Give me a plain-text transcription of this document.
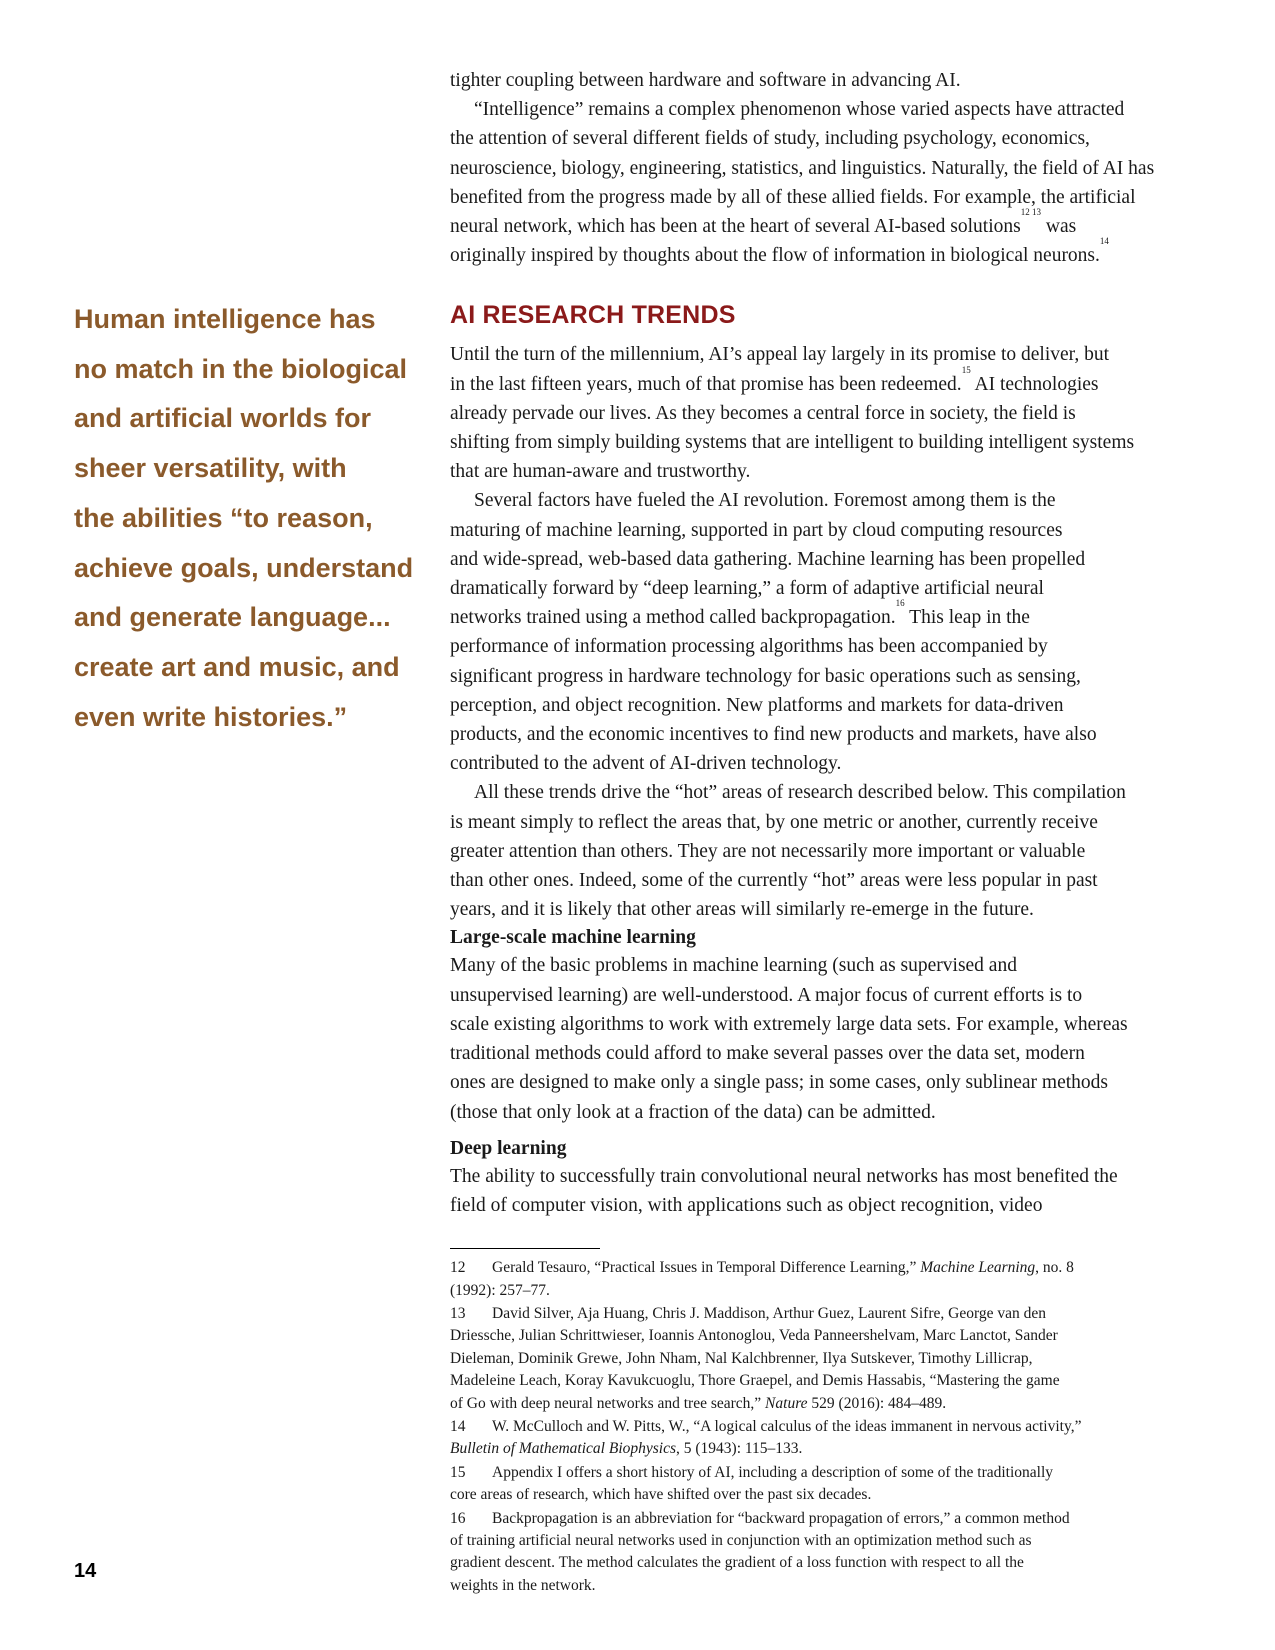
Human intelligence has
no match in the biological
and artificial worlds for
sheer versatility, with
the abilities “to reason,
achieve goals, understand
and generate language...
create art and music, and
even write histories.”
14

tighter coupling between hardware and software in advancing AI.

“Intelligence” remains a complex phenomenon whose varied aspects have attracted
the attention of several different fields of study, including psychology, economics,
neuroscience, biology, engineering, statistics, and linguistics. Naturally, the field of AI has
benefited from the progress made by all of these allied fields. For example, the artificial
neural network, which has been at the heart of several AI-based solutions$^{12 13}$ was
originally inspired by thoughts about the flow of information in biological neurons.$^{14}$

AI RESEARCH TRENDS

Until the turn of the millennium, AI’s appeal lay largely in its promise to deliver, but
in the last fifteen years, much of that promise has been redeemed.$^{15}$ AI technologies
already pervade our lives. As they becomes a central force in society, the field is
shifting from simply building systems that are intelligent to building intelligent systems
that are human-aware and trustworthy.

Several factors have fueled the AI revolution. Foremost among them is the
maturing of machine learning, supported in part by cloud computing resources
and wide-spread, web-based data gathering. Machine learning has been propelled
dramatically forward by “deep learning,” a form of adaptive artificial neural
networks trained using a method called backpropagation.$^{16}$ This leap in the
performance of information processing algorithms has been accompanied by
significant progress in hardware technology for basic operations such as sensing,
perception, and object recognition. New platforms and markets for data-driven
products, and the economic incentives to find new products and markets, have also
contributed to the advent of AI-driven technology.

All these trends drive the “hot” areas of research described below. This compilation
is meant simply to reflect the areas that, by one metric or another, currently receive
greater attention than others. They are not necessarily more important or valuable
than other ones. Indeed, some of the currently “hot” areas were less popular in past
years, and it is likely that other areas will similarly re-emerge in the future.

Large-scale machine learning

Many of the basic problems in machine learning (such as supervised and
unsupervised learning) are well-understood. A major focus of current efforts is to
scale existing algorithms to work with extremely large data sets. For example, whereas
traditional methods could afford to make several passes over the data set, modern
ones are designed to make only a single pass; in some cases, only sublinear methods
(those that only look at a fraction of the data) can be admitted.

Deep learning

The ability to successfully train convolutional neural networks has most benefited the
field of computer vision, with applications such as object recognition, video

12 Gerald Tesauro, “Practical Issues in Temporal Difference Learning,” Machine Learning, no. 8
(1992): 257–77.
13 David Silver, Aja Huang, Chris J. Maddison, Arthur Guez, Laurent Sifre, George van den
Driessche, Julian Schrittwieser, Ioannis Antonoglou, Veda Panneershelvam, Marc Lanctot, Sander
Dieleman, Dominik Grewe, John Nham, Nal Kalchbrenner, Ilya Sutskever, Timothy Lillicrap,
Madeleine Leach, Koray Kavukcuoglu, Thore Graepel, and Demis Hassabis, “Mastering the game
of Go with deep neural networks and tree search,” Nature 529 (2016): 484–489.
14 W. McCulloch and W. Pitts, W., “A logical calculus of the ideas immanent in nervous activity,”
Bulletin of Mathematical Biophysics, 5 (1943): 115–133.
15 Appendix I offers a short history of AI, including a description of some of the traditionally
core areas of research, which have shifted over the past six decades.
16 Backpropagation is an abbreviation for “backward propagation of errors,” a common method
of training artificial neural networks used in conjunction with an optimization method such as
gradient descent. The method calculates the gradient of a loss function with respect to all the
weights in the network.
